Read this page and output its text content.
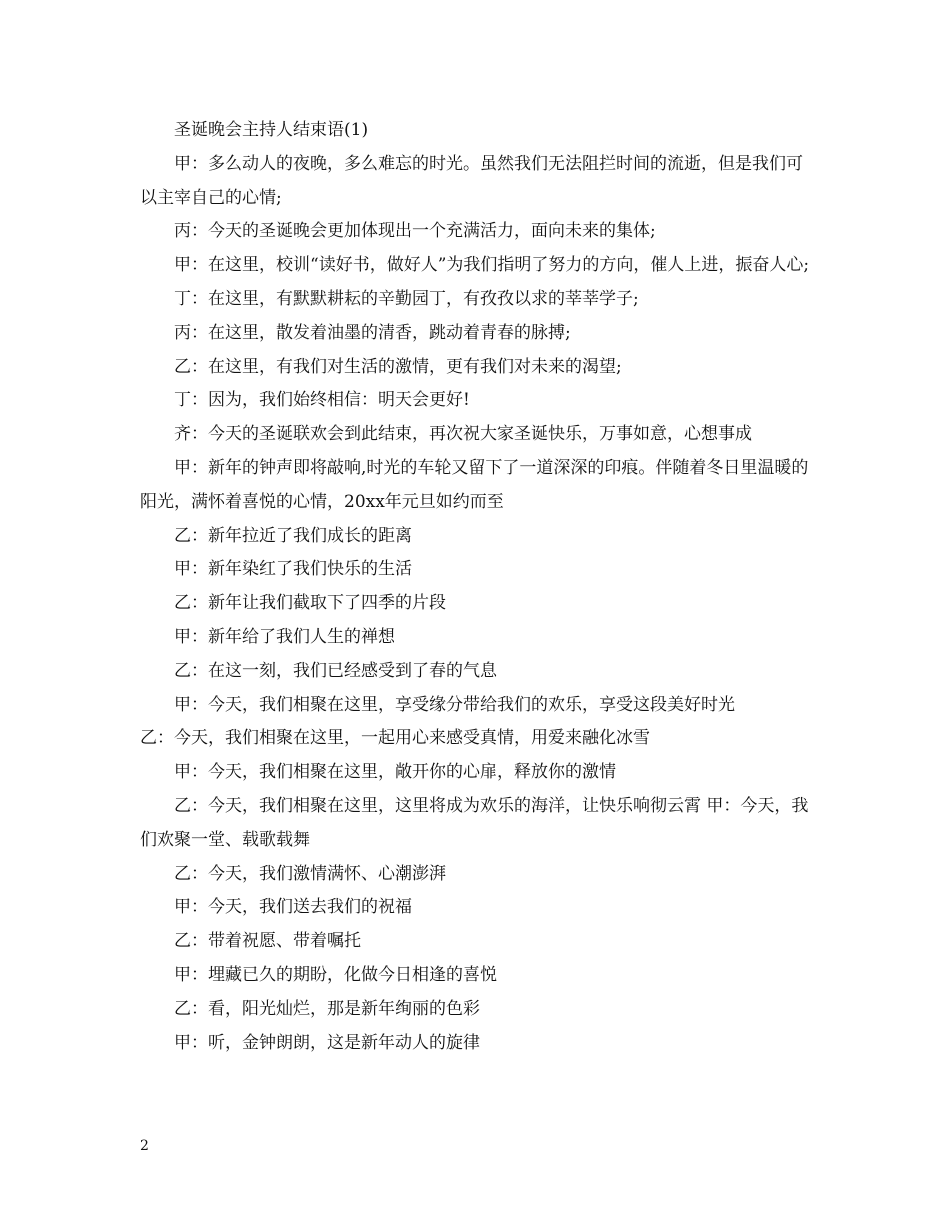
圣诞晚会主持人结束语(1)

甲：多么动人的夜晚，多么难忘的时光。虽然我们无法阻拦时间的流逝，但是我们可以主宰自己的心情;

丙：今天的圣诞晚会更加体现出一个充满活力，面向未来的集体;

甲：在这里，校训“读好书，做好人”为我们指明了努力的方向，催人上进，振奋人心;

丁：在这里，有默默耕耘的辛勤园丁，有孜孜以求的莘莘学子;

丙：在这里，散发着油墨的清香，跳动着青春的脉搏;

乙：在这里，有我们对生活的激情，更有我们对未来的渴望;

丁：因为，我们始终相信：明天会更好!

齐：今天的圣诞联欢会到此结束，再次祝大家圣诞快乐，万事如意，心想事成

甲：新年的钟声即将敲响,时光的车轮又留下了一道深深的印痕。伴随着冬日里温暖的阳光，满怀着喜悦的心情，20xx年元旦如约而至

乙：新年拉近了我们成长的距离

甲：新年染红了我们快乐的生活

乙：新年让我们截取下了四季的片段

甲：新年给了我们人生的禅想

乙：在这一刻，我们已经感受到了春的气息

甲：今天，我们相聚在这里，享受缘分带给我们的欢乐，享受这段美好时光

乙：今天，我们相聚在这里，一起用心来感受真情，用爱来融化冰雪

甲：今天，我们相聚在这里，敞开你的心扉，释放你的激情

乙：今天，我们相聚在这里，这里将成为欢乐的海洋，让快乐响彻云霄 甲：今天，我们欢聚一堂、载歌载舞

乙：今天，我们激情满怀、心潮澎湃

甲：今天，我们送去我们的祝福

乙：带着祝愿、带着嘱托

甲：埋藏已久的期盼，化做今日相逢的喜悦

乙：看，阳光灿烂，那是新年绚丽的色彩

甲：听，金钟朗朗，这是新年动人的旋律

2
